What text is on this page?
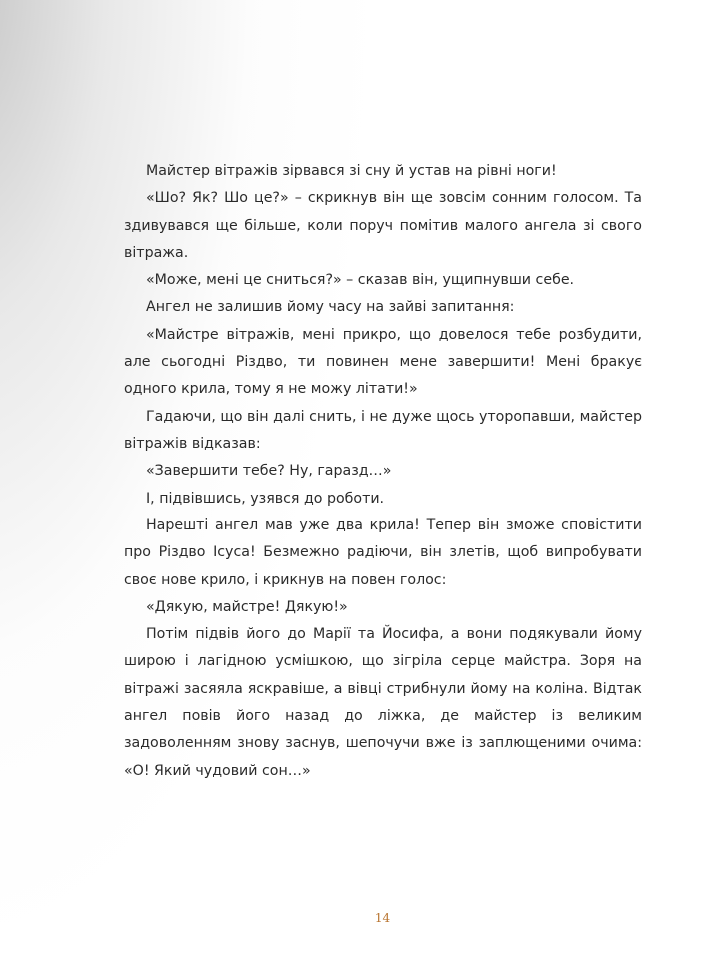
Майстер вітражів зірвався зі сну й устав на рівні ноги!

«Шо? Як? Шо це?» – скрикнув він ще зовсім сонним голосом. Та здивувався ще більше, коли поруч помітив малого ангела зі свого вітража.

«Може, мені це сниться?» – сказав він, ущипнувши себе.

Ангел не залишив йому часу на зайві запитання:

«Майстре вітражів, мені прикро, що довелося тебе розбудити, але сьогодні Різдво, ти повинен мене завершити! Мені бракує одного крила, тому я не можу літати!»

Гадаючи, що він далі снить, і не дуже щось уторопавши, майстер вітражів відказав:

«Завершити тебе? Ну, гаразд…»

І, підвівшись, узявся до роботи.

Нарешті ангел мав уже два крила! Тепер він зможе сповістити про Різдво Ісуса! Безмежно радіючи, він злетів, щоб випробувати своє нове крило, і крикнув на повен голос:

«Дякую, майстре! Дякую!»

Потім підвів його до Марії та Йосифа, а вони подякували йому широю і лагідною усмішкою, що зігріла серце майстра. Зоря на вітражі засяяла яскравіше, а вівці стрибнули йому на коліна. Відтак ангел повів його назад до ліжка, де майстер із великим задоволенням знову заснув, шепочучи вже із заплющеними очима: «О! Який чудовий сон…»

14
